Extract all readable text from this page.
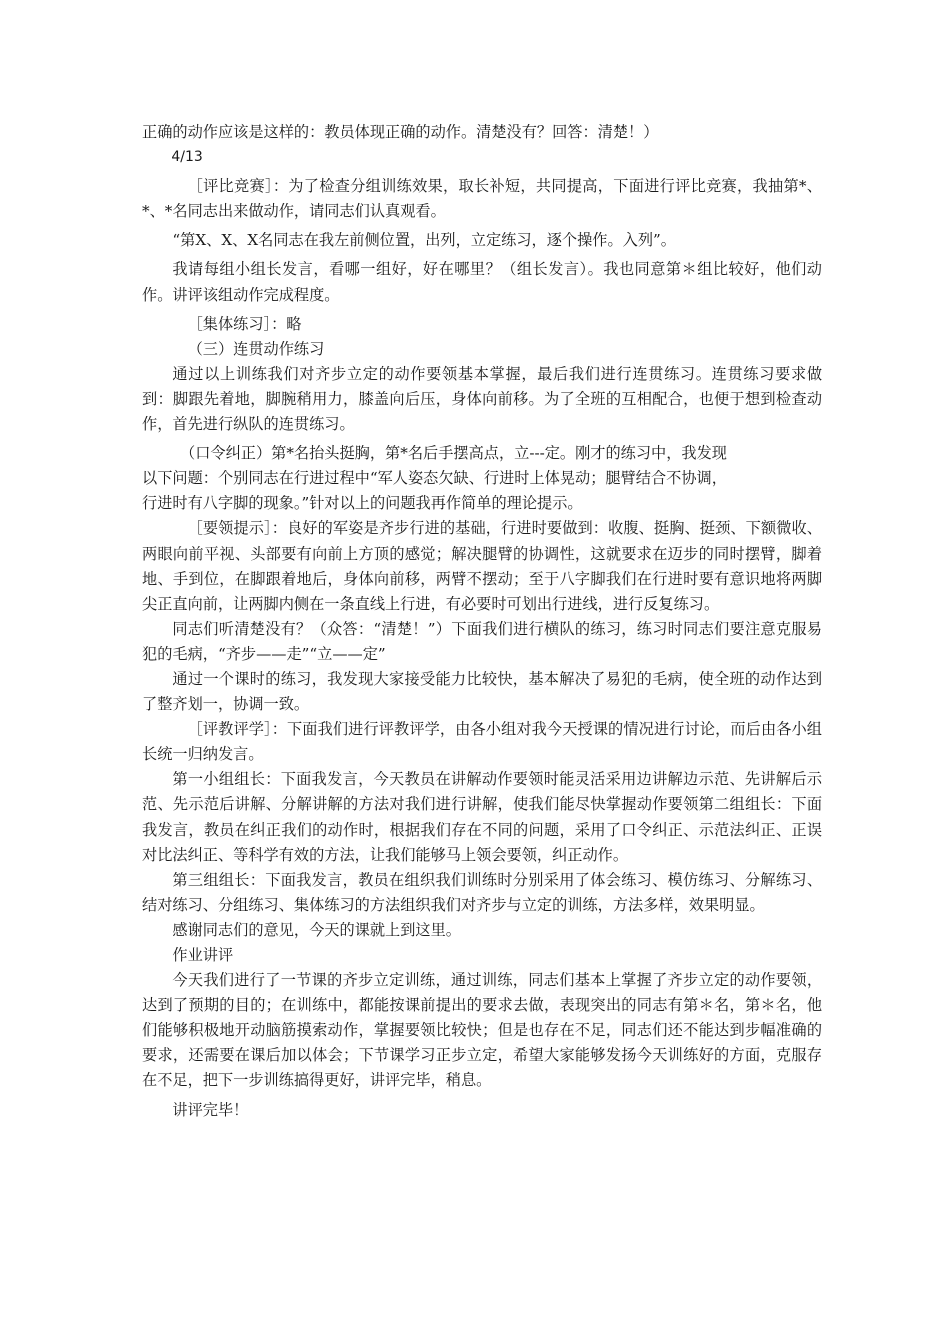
正确的动作应该是这样的：教员体现正确的动作。清楚没有？回答：清楚！）

4/13

［评比竞赛］：为了检查分组训练效果，取长补短，共同提高，下面进行评比竞赛，我抽第*、*、*名同志出来做动作，请同志们认真观看。

“第X、X、X名同志在我左前侧位置，出列，立定练习，逐个操作。入列”。

我请每组小组长发言，看哪一组好，好在哪里？（组长发言）。我也同意第＊组比较好，他们动作。讲评该组动作完成程度。

［集体练习］：略

（三）连贯动作练习

通过以上训练我们对齐步立定的动作要领基本掌握，最后我们进行连贯练习。连贯练习要求做到：脚跟先着地，脚腕稍用力，膝盖向后压，身体向前移。为了全班的互相配合，也便于想到检查动作，首先进行纵队的连贯练习。

（口令纠正）第*名抬头挺胸，第*名后手摆高点，立---定。刚才的练习中，我发现

以下问题：个别同志在行进过程中“军人姿态欠缺、行进时上体晃动；腿臂结合不协调，

行进时有八字脚的现象。”针对以上的问题我再作简单的理论提示。

［要领提示］：良好的军姿是齐步行进的基础，行进时要做到：收腹、挺胸、挺颈、下额微收、两眼向前平视、头部要有向前上方顶的感觉；解决腿臂的协调性，这就要求在迈步的同时摆臂，脚着地、手到位，在脚跟着地后，身体向前移，两臂不摆动；至于八字脚我们在行进时要有意识地将两脚尖正直向前，让两脚内侧在一条直线上行进，有必要时可划出行进线，进行反复练习。

同志们听清楚没有？（众答：“清楚！”）下面我们进行横队的练习，练习时同志们要注意克服易犯的毛病，“齐步——走”“立——定”

通过一个课时的练习，我发现大家接受能力比较快，基本解决了易犯的毛病，使全班的动作达到了整齐划一，协调一致。

［评教评学］：下面我们进行评教评学，由各小组对我今天授课的情况进行讨论，而后由各小组长统一归纳发言。

第一小组组长：下面我发言，今天教员在讲解动作要领时能灵活采用边讲解边示范、先讲解后示范、先示范后讲解、分解讲解的方法对我们进行讲解，使我们能尽快掌握动作要领第二组组长：下面我发言，教员在纠正我们的动作时，根据我们存在不同的问题，采用了口令纠正、示范法纠正、正误对比法纠正、等科学有效的方法，让我们能够马上领会要领，纠正动作。

第三组组长：下面我发言，教员在组织我们训练时分别采用了体会练习、模仿练习、分解练习、结对练习、分组练习、集体练习的方法组织我们对齐步与立定的训练，方法多样，效果明显。

感谢同志们的意见，今天的课就上到这里。

作业讲评

今天我们进行了一节课的齐步立定训练，通过训练，同志们基本上掌握了齐步立定的动作要领，达到了预期的目的；在训练中，都能按课前提出的要求去做，表现突出的同志有第＊名，第＊名，他们能够积极地开动脑筋摸索动作，掌握要领比较快；但是也存在不足，同志们还不能达到步幅准确的要求，还需要在课后加以体会；下节课学习正步立定，希望大家能够发扬今天训练好的方面，克服存在不足，把下一步训练搞得更好，讲评完毕，稍息。

讲评完毕！
